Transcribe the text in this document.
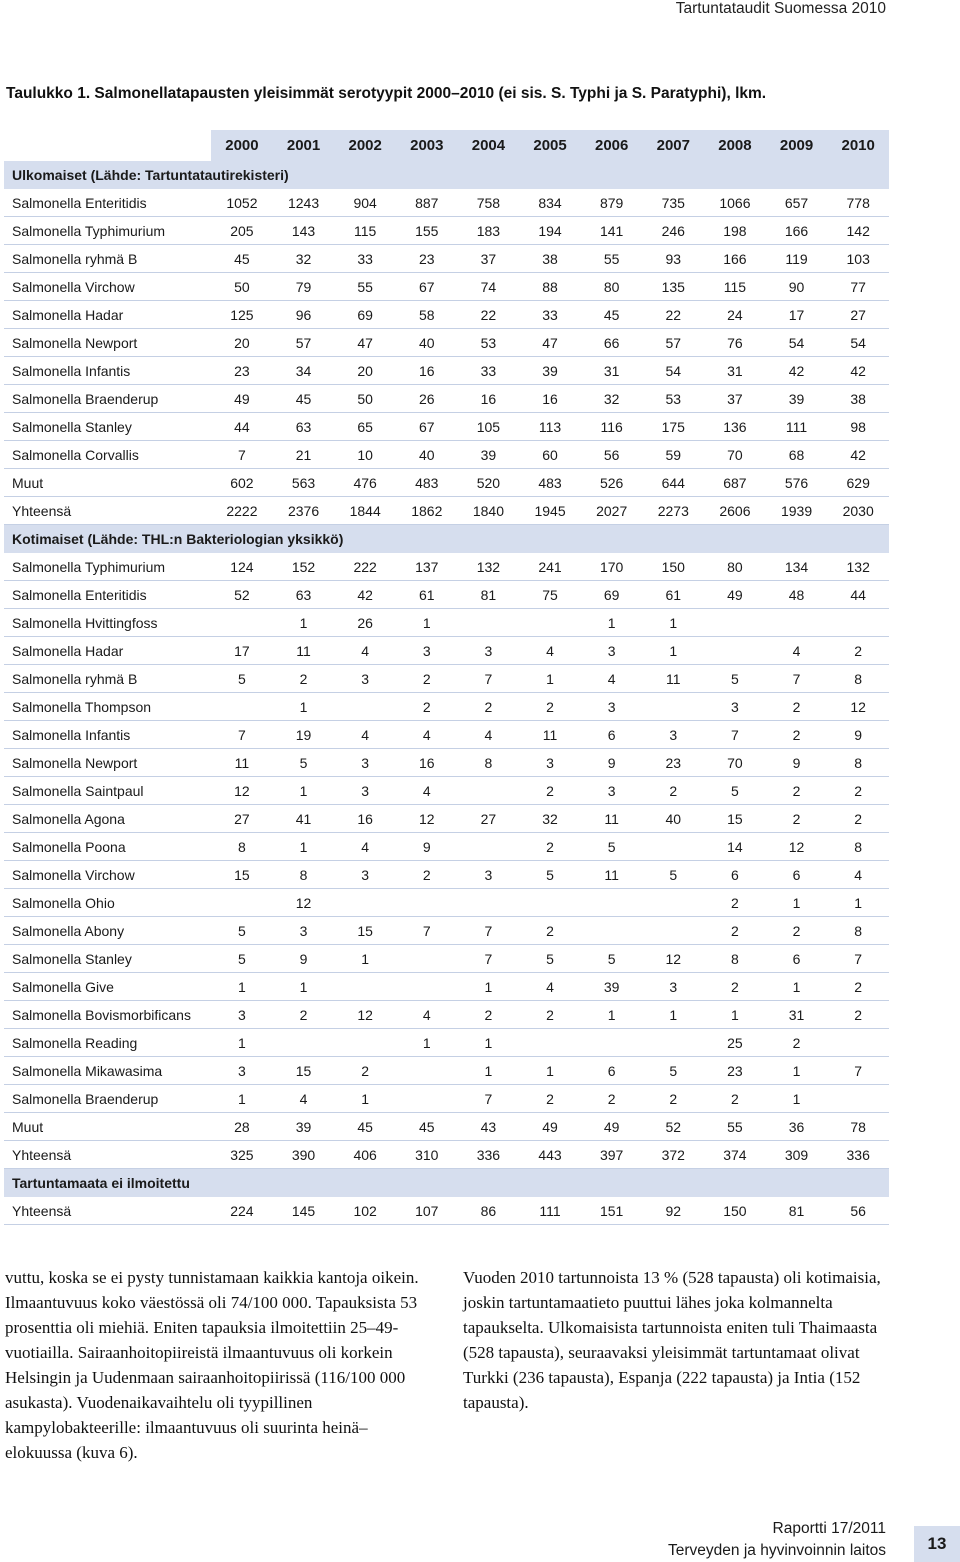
Tartuntataudit Suomessa 2010
Taulukko 1. Salmonellatapausten yleisimmät serotyypit 2000–2010 (ei sis. S. Typhi ja S. Paratyphi), lkm.
	2000	2001	2002	2003	2004	2005	2006	2007	2008	2009	2010
Ulkomaiset (Lähde: Tartuntatautirekisteri)											
Salmonella Enteritidis	1052	1243	904	887	758	834	879	735	1066	657	778
Salmonella Typhimurium	205	143	115	155	183	194	141	246	198	166	142
Salmonella ryhmä B	45	32	33	23	37	38	55	93	166	119	103
Salmonella Virchow	50	79	55	67	74	88	80	135	115	90	77
Salmonella Hadar	125	96	69	58	22	33	45	22	24	17	27
Salmonella Newport	20	57	47	40	53	47	66	57	76	54	54
Salmonella Infantis	23	34	20	16	33	39	31	54	31	42	42
Salmonella Braenderup	49	45	50	26	16	16	32	53	37	39	38
Salmonella Stanley	44	63	65	67	105	113	116	175	136	111	98
Salmonella Corvallis	7	21	10	40	39	60	56	59	70	68	42
Muut	602	563	476	483	520	483	526	644	687	576	629
Yhteensä	2222	2376	1844	1862	1840	1945	2027	2273	2606	1939	2030
Kotimaiset (Lähde: THL:n Bakteriologian yksikkö)											
Salmonella Typhimurium	124	152	222	137	132	241	170	150	80	134	132
Salmonella Enteritidis	52	63	42	61	81	75	69	61	49	48	44
Salmonella Hvittingfoss		1	26	1			1	1			
Salmonella Hadar	17	11	4	3	3	4	3	1		4	2
Salmonella ryhmä B	5	2	3	2	7	1	4	11	5	7	8
Salmonella Thompson		1		2	2	2	3		3	2	12
Salmonella Infantis	7	19	4	4	4	11	6	3	7	2	9
Salmonella Newport	11	5	3	16	8	3	9	23	70	9	8
Salmonella Saintpaul	12	1	3	4		2	3	2	5	2	2
Salmonella Agona	27	41	16	12	27	32	11	40	15	2	2
Salmonella Poona	8	1	4	9		2	5		14	12	8
Salmonella Virchow	15	8	3	2	3	5	11	5	6	6	4
Salmonella Ohio		12							2	1	1
Salmonella Abony	5	3	15	7	7	2			2	2	8
Salmonella Stanley	5	9	1		7	5	5	12	8	6	7
Salmonella Give	1	1			1	4	39	3	2	1	2
Salmonella Bovismorbificans	3	2	12	4	2	2	1	1	1	31	2
Salmonella Reading	1			1	1				25	2	
Salmonella Mikawasima	3	15	2		1	1	6	5	23	1	7
Salmonella Braenderup	1	4	1		7	2	2	2	2	1	
Muut	28	39	45	45	43	49	49	52	55	36	78
Yhteensä	325	390	406	310	336	443	397	372	374	309	336
Tartuntamaata ei ilmoitettu											
Yhteensä	224	145	102	107	86	111	151	92	150	81	56
vuttu, koska se ei pysty tunnistamaan kaikkia kantoja oikein. Ilmaantuvuus koko väestössä oli 74/100 000. Tapauksista 53 prosenttia oli miehiä. Eniten tapauksia ilmoitettiin 25–49-vuotiailla. Sairaanhoitopiireistä ilmaantuvuus oli korkein Helsingin ja Uudenmaan sairaanhoitopiirissä (116/100 000 asukasta). Vuodenaikavaihtelu oli tyypillinen kampylobakteerille: ilmaantuvuus oli suurinta heinä–elokuussa (kuva 6).
Vuoden 2010 tartunnoista 13 % (528 tapausta) oli kotimaisia, joskin tartuntamaatieto puuttui lähes joka kolmannelta tapaukselta. Ulkomaisista tartunnoista eniten tuli Thaimaasta (528 tapausta), seuraavaksi yleisimmät tartuntamaat olivat Turkki (236 tapausta), Espanja (222 tapausta) ja Intia (152 tapausta).
Raportti 17/2011
Terveyden ja hyvinvoinnin laitos	13
